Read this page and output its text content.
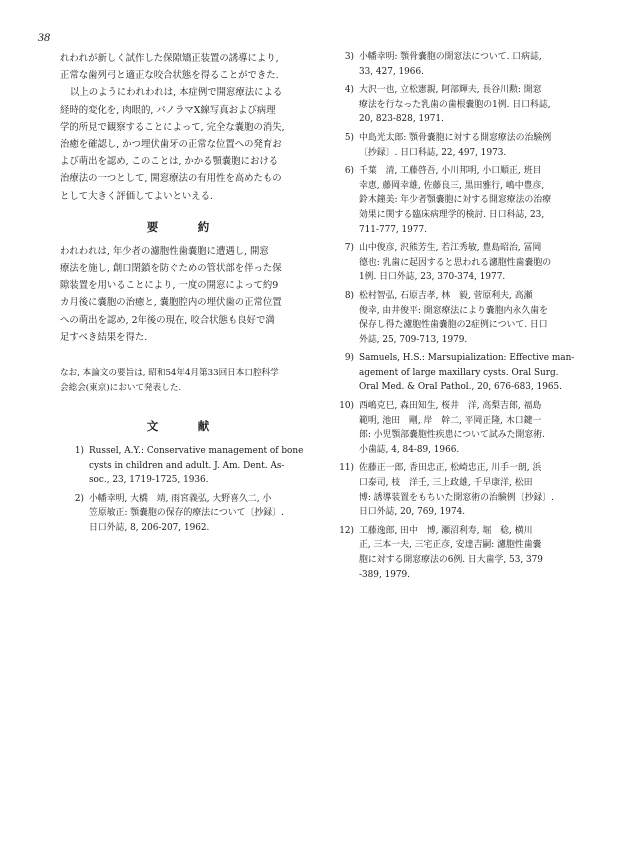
38

れわれが新しく試作した保隙矯正装置の誘導により,
正常な歯列弓と適正な咬合状態を得ることができた.

以上のようにわれわれは, 本症例で開窓療法による
経時的変化を, 肉眼的, パノラマX線写真および病理
学的所見で観察することによって, 完全な嚢胞の消失,
治癒を確認し, かつ埋伏歯牙の正常な位置への発育お
よび萌出を認め, このことは, かかる顎嚢胞における
治療法の一つとして, 開窓療法の有用性を高めたもの
として大きく評価してよいといえる.

要　約

われわれは, 年少者の濾胞性歯嚢胞に遭遇し, 開窓
療法を施し, 創口閉鎖を防ぐための管状部を伴った保
隙装置を用いることにより, 一度の開窓によって約9
カ月後に嚢胞の治癒と, 嚢胞腔内の埋伏歯の正常位置
への萌出を認め, 2年後の現在, 咬合状態も良好で満
足すべき結果を得た.

なお, 本論文の要旨は, 昭和54年4月第33回日本口腔科学
会総会(東京)において発表した.

文　献
1) Russel, A.Y.: Conservative management of bone
cysts in children and adult. J. Am. Dent. As-
soc., 23, 1719-1725, 1936.
2) 小幡幸明, 大橋　靖, 雨宮義弘, 大野喜久二, 小
笠原敏正: 顎嚢胞の保存的療法について〔抄録〕.
日口外誌, 8, 206-207, 1962.
3) 小幡幸明: 顎骨嚢胞の開窓法について. 口病誌,
33, 427, 1966.
4) 大沢一也, 立松憲親, 阿部輝夫, 長谷川勲: 開窓
療法を行なった乳歯の歯根嚢胞の1例. 日口科誌,
20, 823-828, 1971.
5) 中島光太郎: 顎骨嚢胞に対する開窓療法の治験例
〔抄録〕. 日口科誌, 22, 497, 1973.
6) 千葉　清, 工藤啓吾, 小川邦明, 小口順正, 班目
幸恵, 藤岡幸雄, 佐藤良三, 黒田雅行, 嶋中豊彦,
鈴木鐘美: 年少者顎嚢胞に対する開窓療法の治療
効果に関する臨床病理学的検討. 日口科誌, 23,
711-777, 1977.
7) 山中俊彦, 沢熊芳生, 若江秀敏, 豊島昭治, 冨岡
德也: 乳歯に起因すると思われる濾胞性歯嚢胞の
1例. 日口外誌, 23, 370-374, 1977.
8) 松村智弘, 石原吉孝, 林　毅, 菅原利夫, 高瀬
俊幸, 由井俊平: 開窓療法により嚢胞内永久歯を
保存し得た濾胞性歯嚢胞の2症例について. 日口
外誌, 25, 709-713, 1979.
9) Samuels, H.S.: Marsupialization: Effective man-
agement of large maxillary cysts. Oral Surg.
Oral Med. & Oral Pathol., 20, 676-683, 1965.
10) 西嶋克巳, 森田知生, 桜井　洋, 高梨吉郎, 福島
範明, 池田　剛, 岸　幹二, 平岡正隆, 木口鍵一
郎: 小児顎部嚢胞性疾患について試みた開窓術.
小歯誌, 4, 84-89, 1966.
11) 佐藤正一郎, 香田忠正, 松崎忠正, 川手一朗, 浜
口泰司, 枝　洋壬, 三上政雄, 千早康洋, 松田
博: 誘導装置をもちいた開窓術の治験例〔抄録〕.
日口外誌, 20, 769, 1974.
12) 工藤逸郎, 田中　博, 瀬沼利寿, 堀　稔, 横川
正, 三本一夫, 三宅正彦, 安達吉嗣: 濾胞性歯嚢
胞に対する開窓療法の6例. 日大歯学, 53, 379
-389, 1979.
